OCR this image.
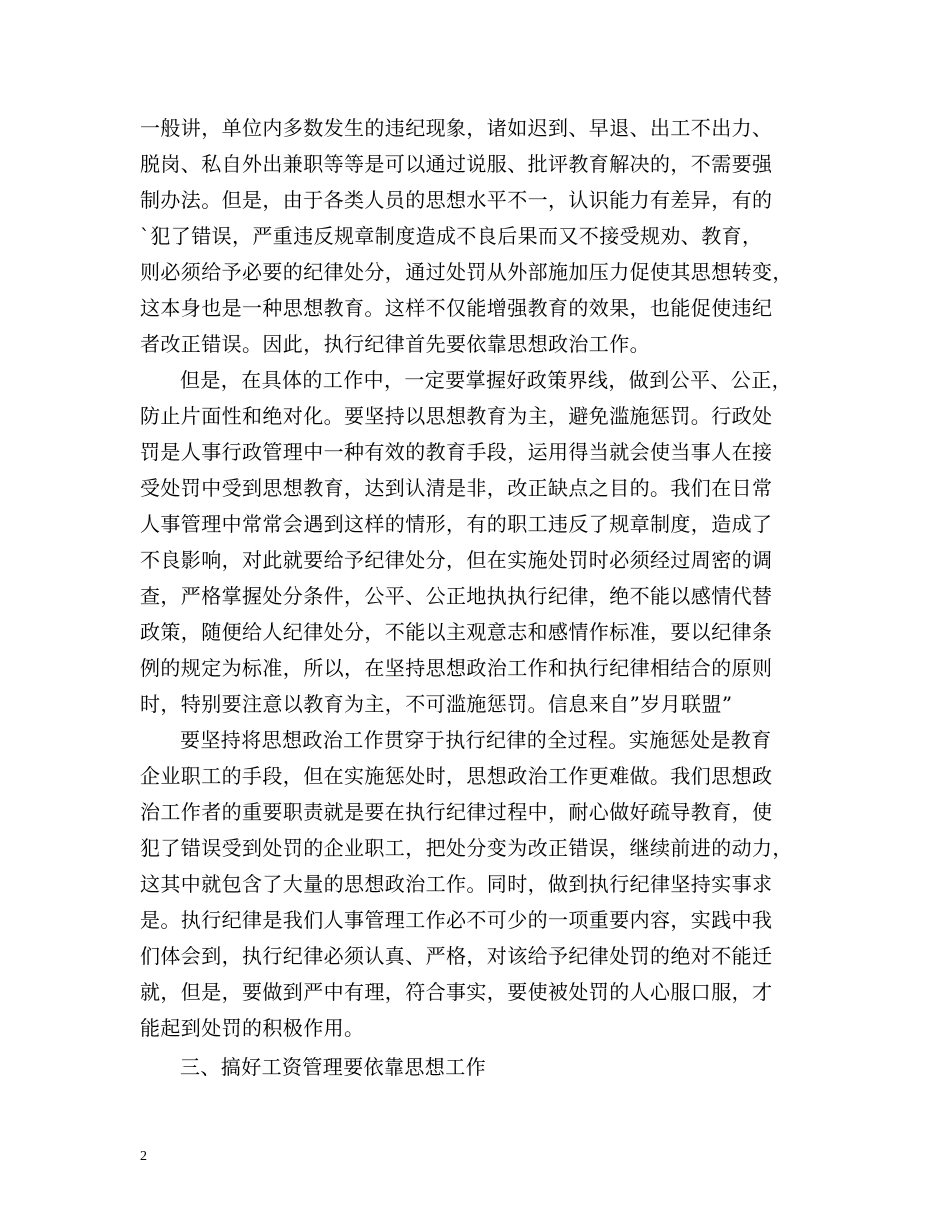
一般讲，单位内多数发生的违纪现象，诸如迟到、早退、出工不出力、
脱岗、私自外出兼职等等是可以通过说服、批评教育解决的，不需要强
制办法。但是，由于各类人员的思想水平不一，认识能力有差异，有的
`犯了错误，严重违反规章制度造成不良后果而又不接受规劝、教育，
则必须给予必要的纪律处分，通过处罚从外部施加压力促使其思想转变，
这本身也是一种思想教育。这样不仅能增强教育的效果，也能促使违纪
者改正错误。因此，执行纪律首先要依靠思想政治工作。
但是，在具体的工作中，一定要掌握好政策界线，做到公平、公正，
防止片面性和绝对化。要坚持以思想教育为主，避免滥施惩罚。行政处
罚是人事行政管理中一种有效的教育手段，运用得当就会使当事人在接
受处罚中受到思想教育，达到认清是非，改正缺点之目的。我们在日常
人事管理中常常会遇到这样的情形，有的职工违反了规章制度，造成了
不良影响，对此就要给予纪律处分，但在实施处罚时必须经过周密的调
查，严格掌握处分条件，公平、公正地执执行纪律，绝不能以感情代替
政策，随便给人纪律处分，不能以主观意志和感情作标准，要以纪律条
例的规定为标准，所以，在坚持思想政治工作和执行纪律相结合的原则
时，特别要注意以教育为主，不可滥施惩罚。信息来自”岁月联盟”
要坚持将思想政治工作贯穿于执行纪律的全过程。实施惩处是教育
企业职工的手段，但在实施惩处时，思想政治工作更难做。我们思想政
治工作者的重要职责就是要在执行纪律过程中，耐心做好疏导教育，使
犯了错误受到处罚的企业职工，把处分变为改正错误，继续前进的动力，
这其中就包含了大量的思想政治工作。同时，做到执行纪律坚持实事求
是。执行纪律是我们人事管理工作必不可少的一项重要内容，实践中我
们体会到，执行纪律必须认真、严格，对该给予纪律处罚的绝对不能迁
就，但是，要做到严中有理，符合事实，要使被处罚的人心服口服，才
能起到处罚的积极作用。
三、搞好工资管理要依靠思想工作
2
